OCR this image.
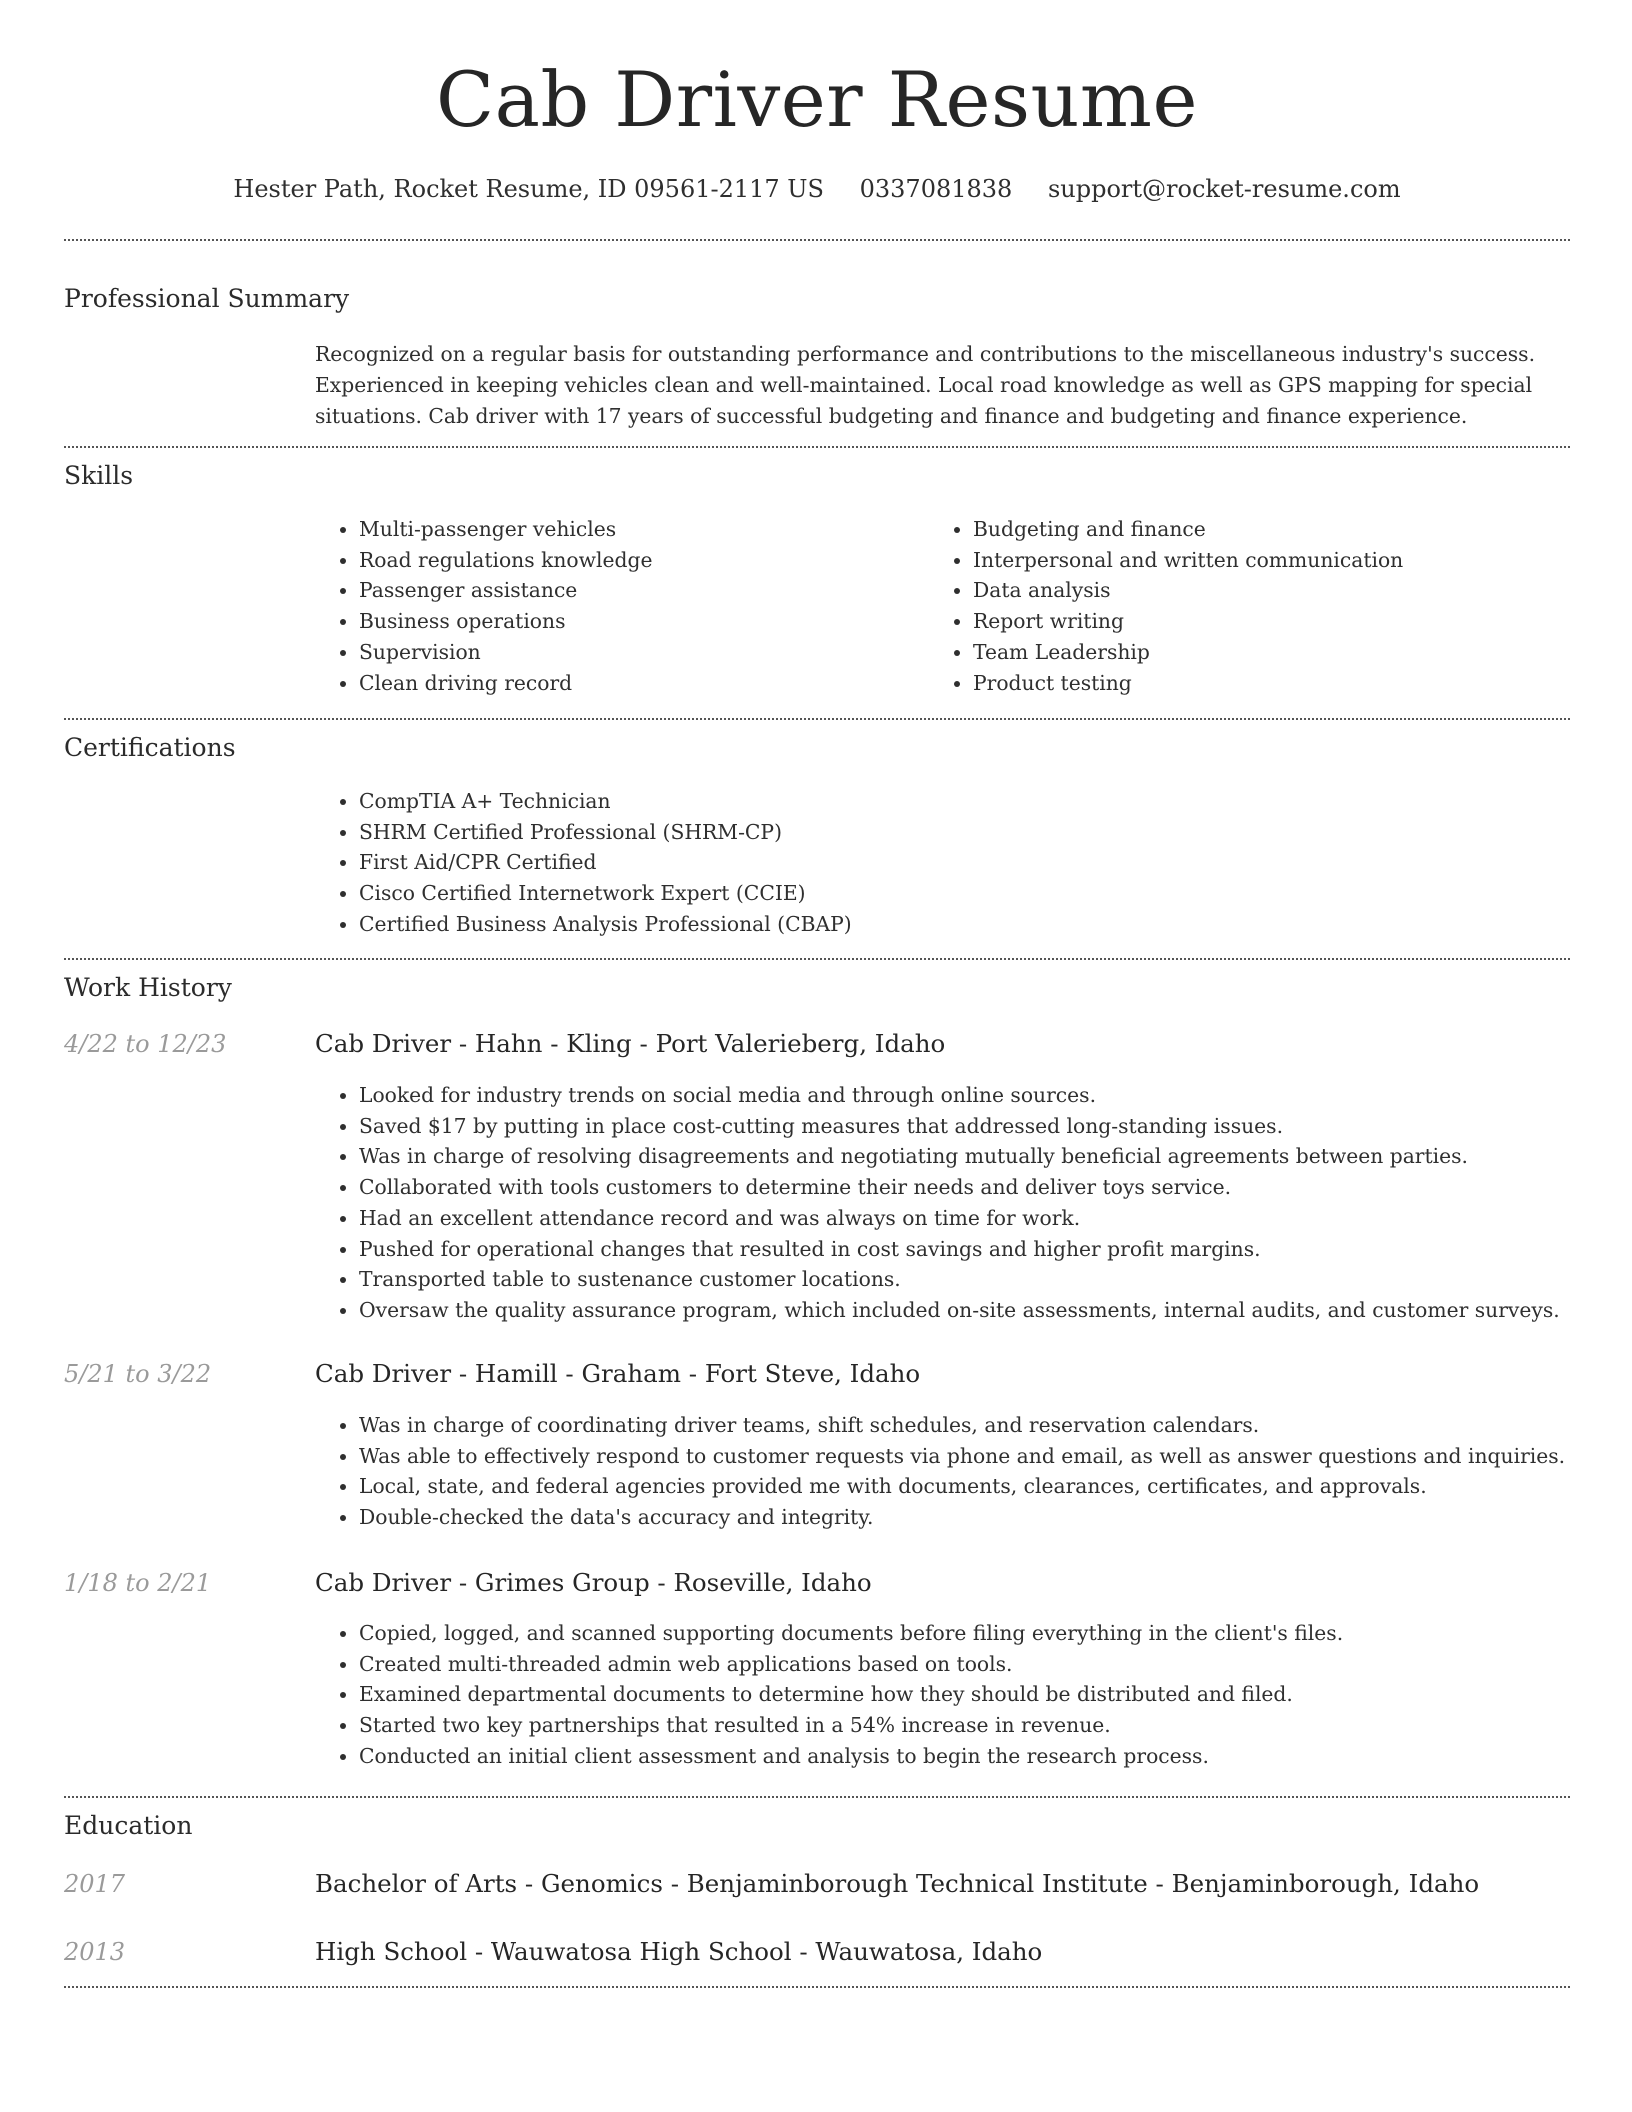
Cab Driver Resume
Hester Path, Rocket Resume, ID 09561-2117 US 0337081838 support@rocket-resume.com
Professional Summary

Recognized on a regular basis for outstanding performance and contributions to the miscellaneous industry's success. Experienced in keeping vehicles clean and well-maintained. Local road knowledge as well as GPS mapping for special situations. Cab driver with 17 years of successful budgeting and finance and budgeting and finance experience.

Skills
• Multi-passenger vehicles
• Road regulations knowledge
• Passenger assistance
• Business operations
• Supervision
• Clean driving record
• Budgeting and finance
• Interpersonal and written communication
• Data analysis
• Report writing
• Team Leadership
• Product testing
Certifications
• CompTIA A+ Technician
• SHRM Certified Professional (SHRM-CP)
• First Aid/CPR Certified
• Cisco Certified Internetwork Expert (CCIE)
• Certified Business Analysis Professional (CBAP)
Work History
4/22 to 12/23	Cab Driver - Hahn - Kling - Port Valerieberg, Idaho
• Looked for industry trends on social media and through online sources.
• Saved $17 by putting in place cost-cutting measures that addressed long-standing issues.
• Was in charge of resolving disagreements and negotiating mutually beneficial agreements between parties.
• Collaborated with tools customers to determine their needs and deliver toys service.
• Had an excellent attendance record and was always on time for work.
• Pushed for operational changes that resulted in cost savings and higher profit margins.
• Transported table to sustenance customer locations.
• Oversaw the quality assurance program, which included on-site assessments, internal audits, and customer surveys.
5/21 to 3/22	Cab Driver - Hamill - Graham - Fort Steve, Idaho
• Was in charge of coordinating driver teams, shift schedules, and reservation calendars.
• Was able to effectively respond to customer requests via phone and email, as well as answer questions and inquiries.
• Local, state, and federal agencies provided me with documents, clearances, certificates, and approvals.
• Double-checked the data's accuracy and integrity.
1/18 to 2/21	Cab Driver - Grimes Group - Roseville, Idaho
• Copied, logged, and scanned supporting documents before filing everything in the client's files.
• Created multi-threaded admin web applications based on tools.
• Examined departmental documents to determine how they should be distributed and filed.
• Started two key partnerships that resulted in a 54% increase in revenue.
• Conducted an initial client assessment and analysis to begin the research process.
Education
2017	Bachelor of Arts - Genomics - Benjaminborough Technical Institute - Benjaminborough, Idaho
2013	High School - Wauwatosa High School - Wauwatosa, Idaho
